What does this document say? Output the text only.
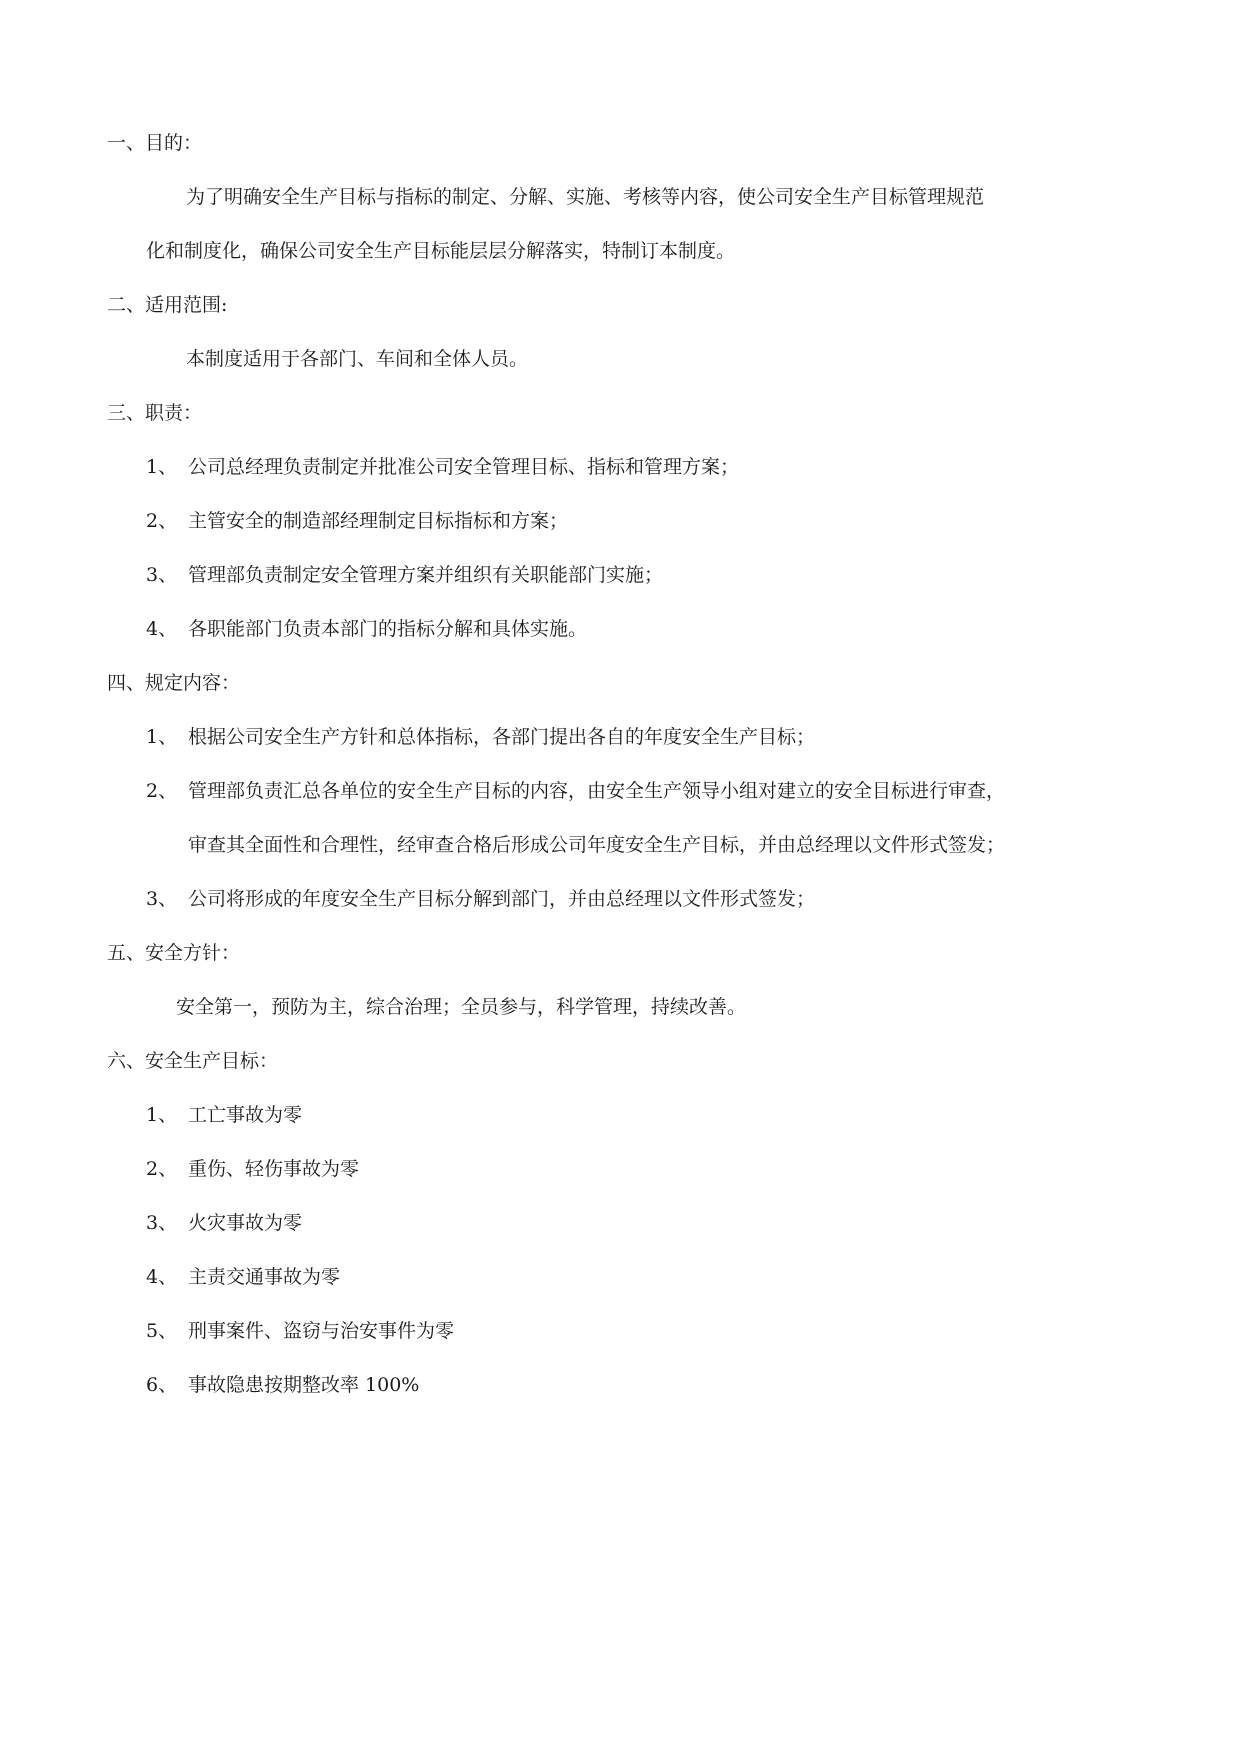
一、目的：
为了明确安全生产目标与指标的制定、分解、实施、考核等内容，使公司安全生产目标管理规范
化和制度化，确保公司安全生产目标能层层分解落实，特制订本制度。
二、适用范围:
本制度适用于各部门、车间和全体人员。
三、职责：
1、 公司总经理负责制定并批准公司安全管理目标、指标和管理方案；
2、 主管安全的制造部经理制定目标指标和方案；
3、 管理部负责制定安全管理方案并组织有关职能部门实施；
4、 各职能部门负责本部门的指标分解和具体实施。
四、规定内容：
1、 根据公司安全生产方针和总体指标，各部门提出各自的年度安全生产目标；
2、 管理部负责汇总各单位的安全生产目标的内容，由安全生产领导小组对建立的安全目标进行审查，
审查其全面性和合理性，经审查合格后形成公司年度安全生产目标，并由总经理以文件形式签发；
3、 公司将形成的年度安全生产目标分解到部门，并由总经理以文件形式签发；
五、安全方针：
安全第一，预防为主，综合治理；全员参与，科学管理，持续改善。
六、安全生产目标：
1、 工亡事故为零
2、 重伤、轻伤事故为零
3、 火灾事故为零
4、 主责交通事故为零
5、 刑事案件、盗窃与治安事件为零
6、 事故隐患按期整改率 100%
